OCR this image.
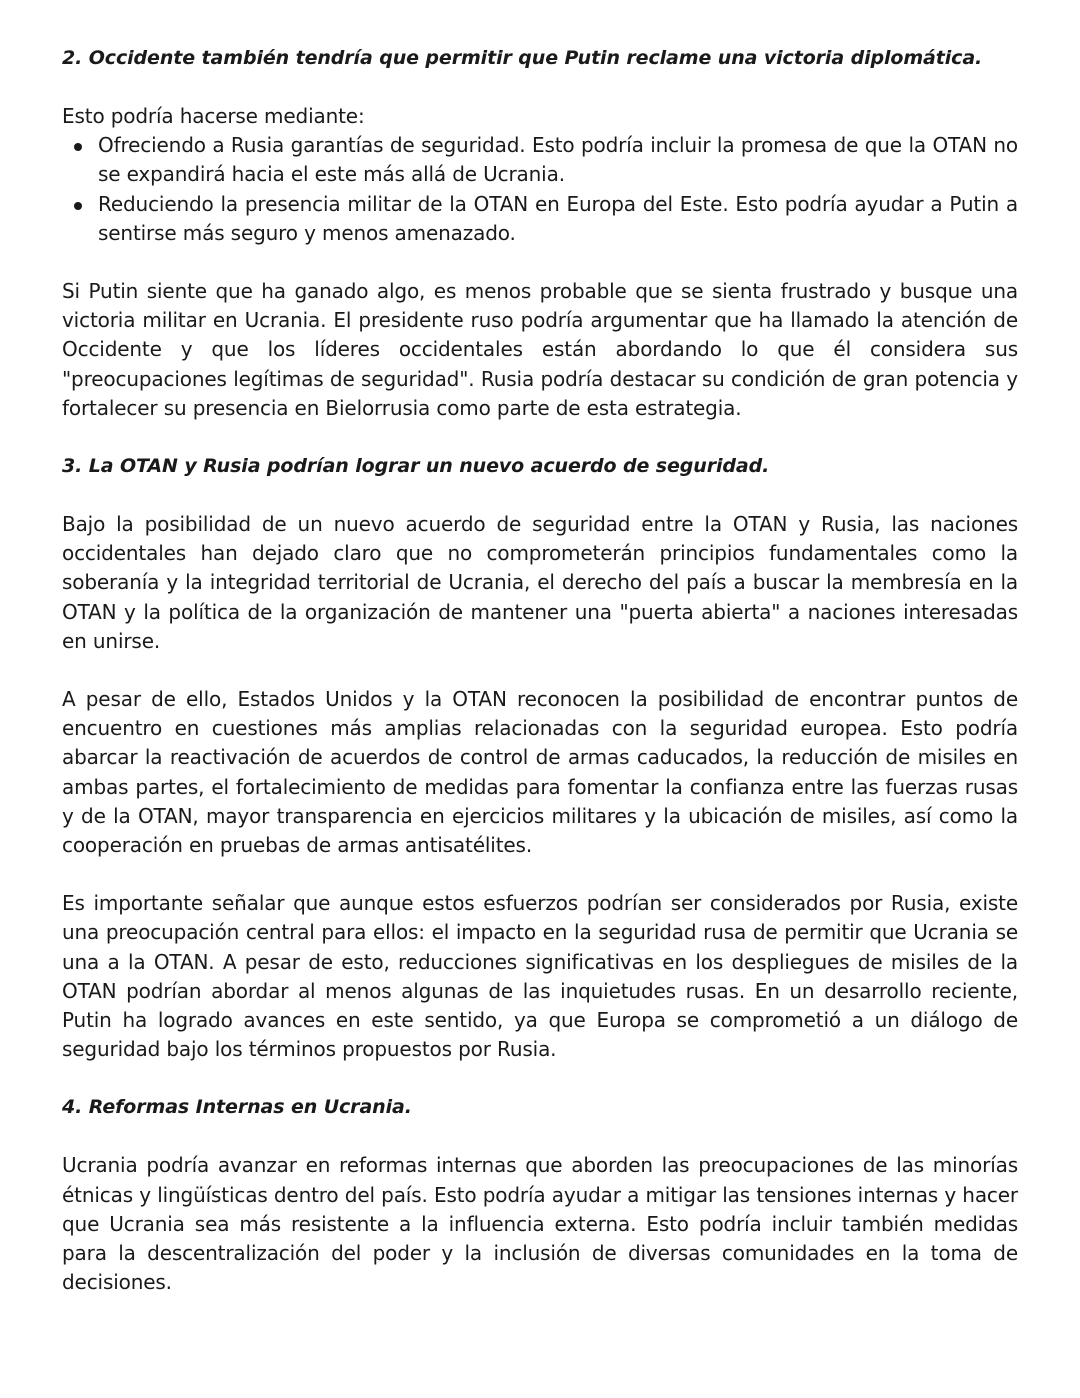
2. Occidente también tendría que permitir que Putin reclame una victoria diplomática.

Esto podría hacerse mediante:

Ofreciendo a Rusia garantías de seguridad. Esto podría incluir la promesa de que la OTAN no se expandirá hacia el este más allá de Ucrania.
Reduciendo la presencia militar de la OTAN en Europa del Este. Esto podría ayudar a Putin a sentirse más seguro y menos amenazado.

Si Putin siente que ha ganado algo, es menos probable que se sienta frustrado y busque una victoria militar en Ucrania. El presidente ruso podría argumentar que ha llamado la atención de Occidente y que los líderes occidentales están abordando lo que él considera sus "preocupaciones legítimas de seguridad". Rusia podría destacar su condición de gran potencia y fortalecer su presencia en Bielorrusia como parte de esta estrategia.

3. La OTAN y Rusia podrían lograr un nuevo acuerdo de seguridad.

Bajo la posibilidad de un nuevo acuerdo de seguridad entre la OTAN y Rusia, las naciones occidentales han dejado claro que no comprometerán principios fundamentales como la soberanía y la integridad territorial de Ucrania, el derecho del país a buscar la membresía en la OTAN y la política de la organización de mantener una "puerta abierta" a naciones interesadas en unirse.

A pesar de ello, Estados Unidos y la OTAN reconocen la posibilidad de encontrar puntos de encuentro en cuestiones más amplias relacionadas con la seguridad europea. Esto podría abarcar la reactivación de acuerdos de control de armas caducados, la reducción de misiles en ambas partes, el fortalecimiento de medidas para fomentar la confianza entre las fuerzas rusas y de la OTAN, mayor transparencia en ejercicios militares y la ubicación de misiles, así como la cooperación en pruebas de armas antisatélites.

Es importante señalar que aunque estos esfuerzos podrían ser considerados por Rusia, existe una preocupación central para ellos: el impacto en la seguridad rusa de permitir que Ucrania se una a la OTAN. A pesar de esto, reducciones significativas en los despliegues de misiles de la OTAN podrían abordar al menos algunas de las inquietudes rusas. En un desarrollo reciente, Putin ha logrado avances en este sentido, ya que Europa se comprometió a un diálogo de seguridad bajo los términos propuestos por Rusia.

4. Reformas Internas en Ucrania.

Ucrania podría avanzar en reformas internas que aborden las preocupaciones de las minorías étnicas y lingüísticas dentro del país. Esto podría ayudar a mitigar las tensiones internas y hacer que Ucrania sea más resistente a la influencia externa. Esto podría incluir también medidas para la descentralización del poder y la inclusión de diversas comunidades en la toma de decisiones.
